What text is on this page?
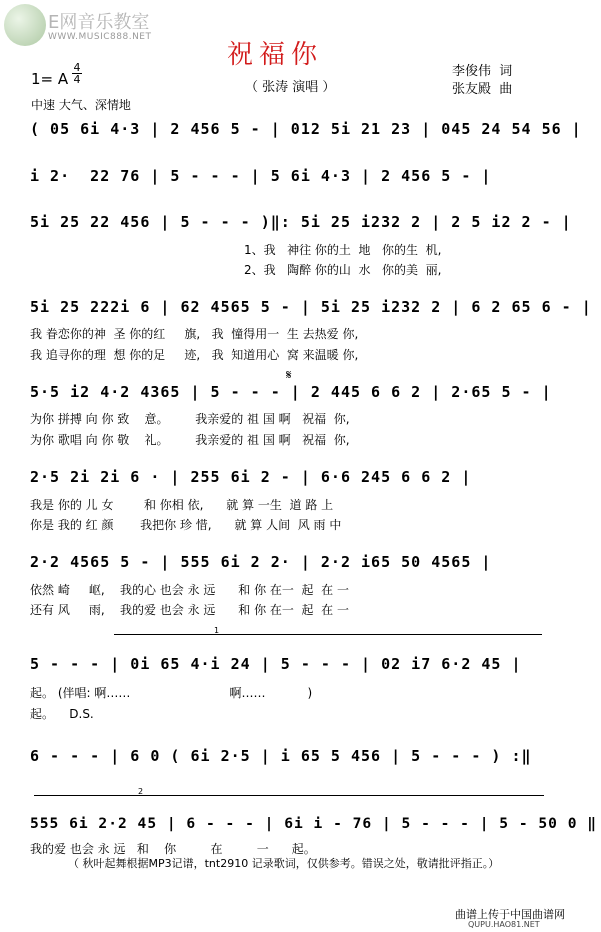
E网音乐教室

WWW.MUSIC888.NET

祝福你
（ 张涛 演唱 ）
李俊伟  词
张友殿  曲
1= A $\frac{4}{4}$
中速 大气、深情地
( 05 6i 4·3 | 2 456 5 - | 012 5i 21 23 | 045 24 54 56 |
i 2·  22 76 | 5 - - - | 5 6i 4·3 | 2 456 5 - |
5i 25 22 456 | 5 - - - )‖: 5i 25 i232 2 | 2 5 i2 2 - |
1、我   神往 你的土  地   你的生  机,
2、我   陶醉 你的山  水   你的美  丽,
5i 25 222i 6 | 62 4565 5 - | 5i 25 i232 2 | 6 2 65 6 - |
我 眷恋你的神  圣 你的红     旗,   我  憧得用一  生 去热爱 你,
我 追寻你的理  想 你的足     迹,   我  知道用心  窝 来温暖 你,
𝄋
5·5 i2 4·2 4365 | 5 - - - | 2 445 6 6 2 | 2·65 5 - |
为你 拼搏 向 你 致    意。       我亲爱的 祖 国 啊   祝福  你,
为你 歌唱 向 你 敬    礼。       我亲爱的 祖 国 啊   祝福  你,
2·5 2i 2i 6 · | 255 6i 2 - | 6·6 245 6 6 2 |
我是 你的 儿 女        和 你相 依,      就 算 一生  道 路 上
你是 我的 红 颜       我把你 珍 惜,      就 算 人间  风 雨 中
2·2 4565 5 - | 555 6i 2 2· | 2·2 i65 50 4565 |
依然 崎     岖,    我的心 也会 永 远      和 你 在一  起  在 一
还有 风     雨,    我的爱 也会 永 远      和 你 在一  起  在 一
1
5 - - - | 0i 65 4·i 24 | 5 - - - | 02 i7 6·2 45 |
起。 (伴唱: 啊……                          啊……           )
起。    D.S.
6 - - - | 6 0 ( 6i 2·5 | i 65 5 456 | 5 - - - ) :‖
2
555 6i 2·2 45 | 6 - - - | 6i i - 76 | 5 - - - | 5 - 50 0 ‖
我的爱 也会 永 远   和    你         在         一      起。
（ 秋叶起舞根据MP3记谱，tnt2910 记录歌词，仅供参考。错误之处，敬请批评指正。）
曲谱上传于中国曲谱网
QUPU.HAO81.NET
